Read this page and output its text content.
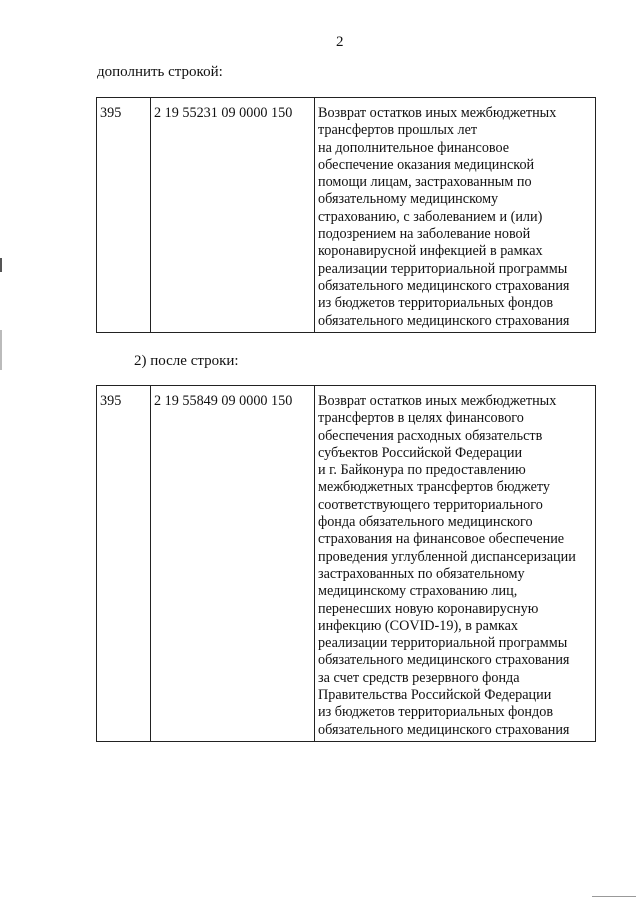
2
дополнить строкой:
395	2 19 55231 09 0000 150	Возврат остатков иных межбюджетных
трансфертов прошлых лет
на дополнительное финансовое
обеспечение оказания медицинской
помощи лицам, застрахованным по
обязательному медицинскому
страхованию, с заболеванием и (или)
подозрением на заболевание новой
коронавирусной инфекцией в рамках
реализации территориальной программы
обязательного медицинского страхования
из бюджетов территориальных фондов
обязательного медицинского страхования
2) после строки:
395	2 19 55849 09 0000 150	Возврат остатков иных межбюджетных
трансфертов в целях финансового
обеспечения расходных обязательств
субъектов Российской Федерации
и г. Байконура по предоставлению
межбюджетных трансфертов бюджету
соответствующего территориального
фонда обязательного медицинского
страхования на финансовое обеспечение
проведения углубленной диспансеризации
застрахованных по обязательному
медицинскому страхованию лиц,
перенесших новую коронавирусную
инфекцию (COVID-19), в рамках
реализации территориальной программы
обязательного медицинского страхования
за счет средств резервного фонда
Правительства Российской Федерации
из бюджетов территориальных фондов
обязательного медицинского страхования
